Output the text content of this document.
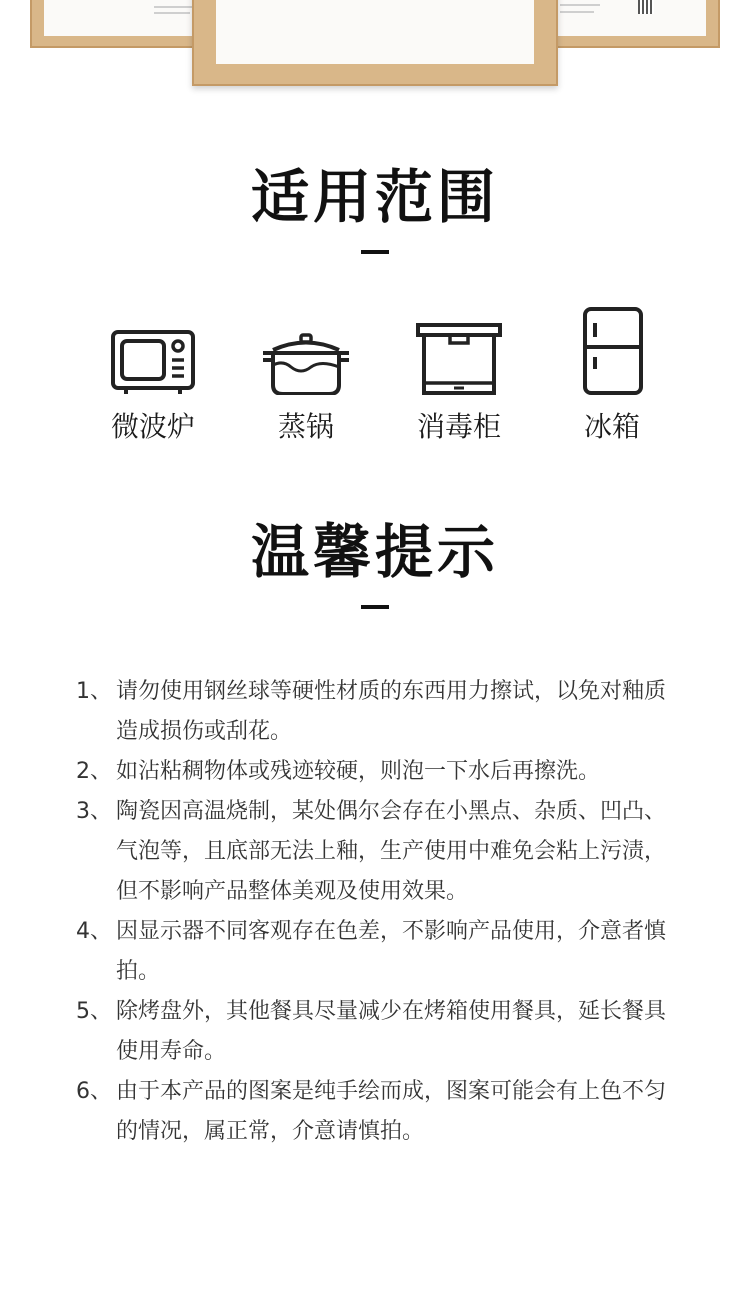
适用范围
微波炉	蒸锅	消毒柜	冰箱
温馨提示
1、 请勿使用钢丝球等硬性材质的东西用力擦试，以免对釉质造成损伤或刮花。
2、 如沾粘稠物体或残迹较硬，则泡一下水后再擦洗。
3、 陶瓷因高温烧制，某处偶尔会存在小黑点、杂质、凹凸、气泡等，且底部无法上釉，生产使用中难免会粘上污渍，但不影响产品整体美观及使用效果。
4、 因显示器不同客观存在色差，不影响产品使用，介意者慎拍。
5、 除烤盘外，其他餐具尽量减少在烤箱使用餐具，延长餐具使用寿命。
6、 由于本产品的图案是纯手绘而成，图案可能会有上色不匀的情况，属正常，介意请慎拍。
